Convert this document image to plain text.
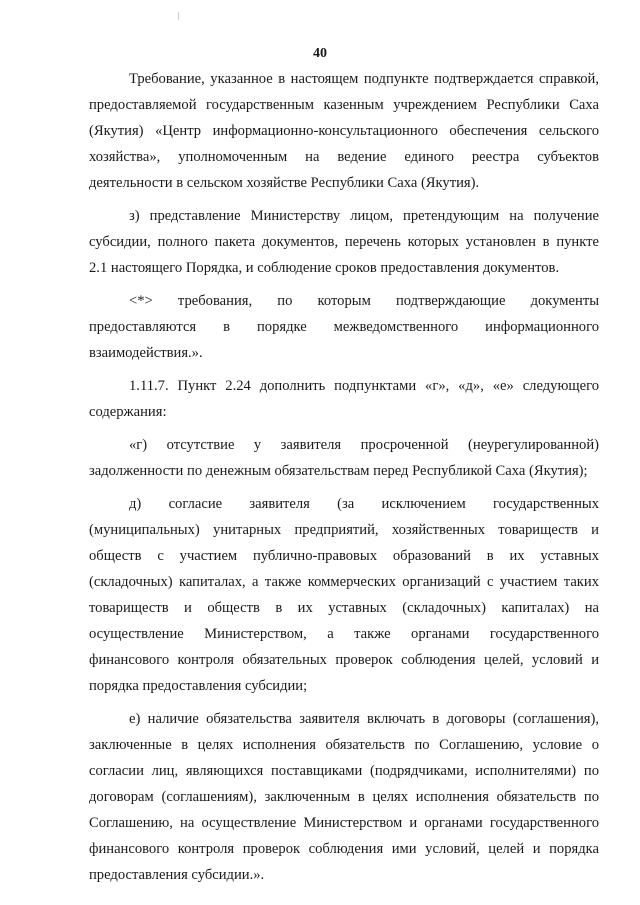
40

Требование, указанное в настоящем подпункте подтверждается справкой,

предоставляемой государственным казенным учреждением Республики Саха

(Якутия) «Центр информационно-консультационного обеспечения сельского

хозяйства», уполномоченным на ведение единого реестра субъектов

деятельности в сельском хозяйстве Республики Саха (Якутия).

з) представление Министерству лицом, претендующим на получение

субсидии, полного пакета документов, перечень которых установлен в пункте

2.1 настоящего Порядка, и соблюдение сроков предоставления документов.

<*> требования, по которым подтверждающие документы

предоставляются в порядке межведомственного информационного

взаимодействия.».

1.11.7. Пункт 2.24 дополнить подпунктами «г», «д», «е» следующего

содержания:

«г) отсутствие у заявителя просроченной (неурегулированной)

задолженности по денежным обязательствам перед Республикой Саха (Якутия);

д) согласие заявителя (за исключением государственных

(муниципальных) унитарных предприятий, хозяйственных товариществ и

обществ с участием публично-правовых образований в их уставных

(складочных) капиталах, а также коммерческих организаций с участием таких

товариществ и обществ в их уставных (складочных) капиталах) на

осуществление Министерством, а также органами государственного

финансового контроля обязательных проверок соблюдения целей, условий и

порядка предоставления субсидии;

е) наличие обязательства заявителя включать в договоры (соглашения),

заключенные в целях исполнения обязательств по Соглашению, условие о

согласии лиц, являющихся поставщиками (подрядчиками, исполнителями) по

договорам (соглашениям), заключенным в целях исполнения обязательств по

Соглашению, на осуществление Министерством и органами государственного

финансового контроля проверок соблюдения ими условий, целей и порядка

предоставления субсидии.».
